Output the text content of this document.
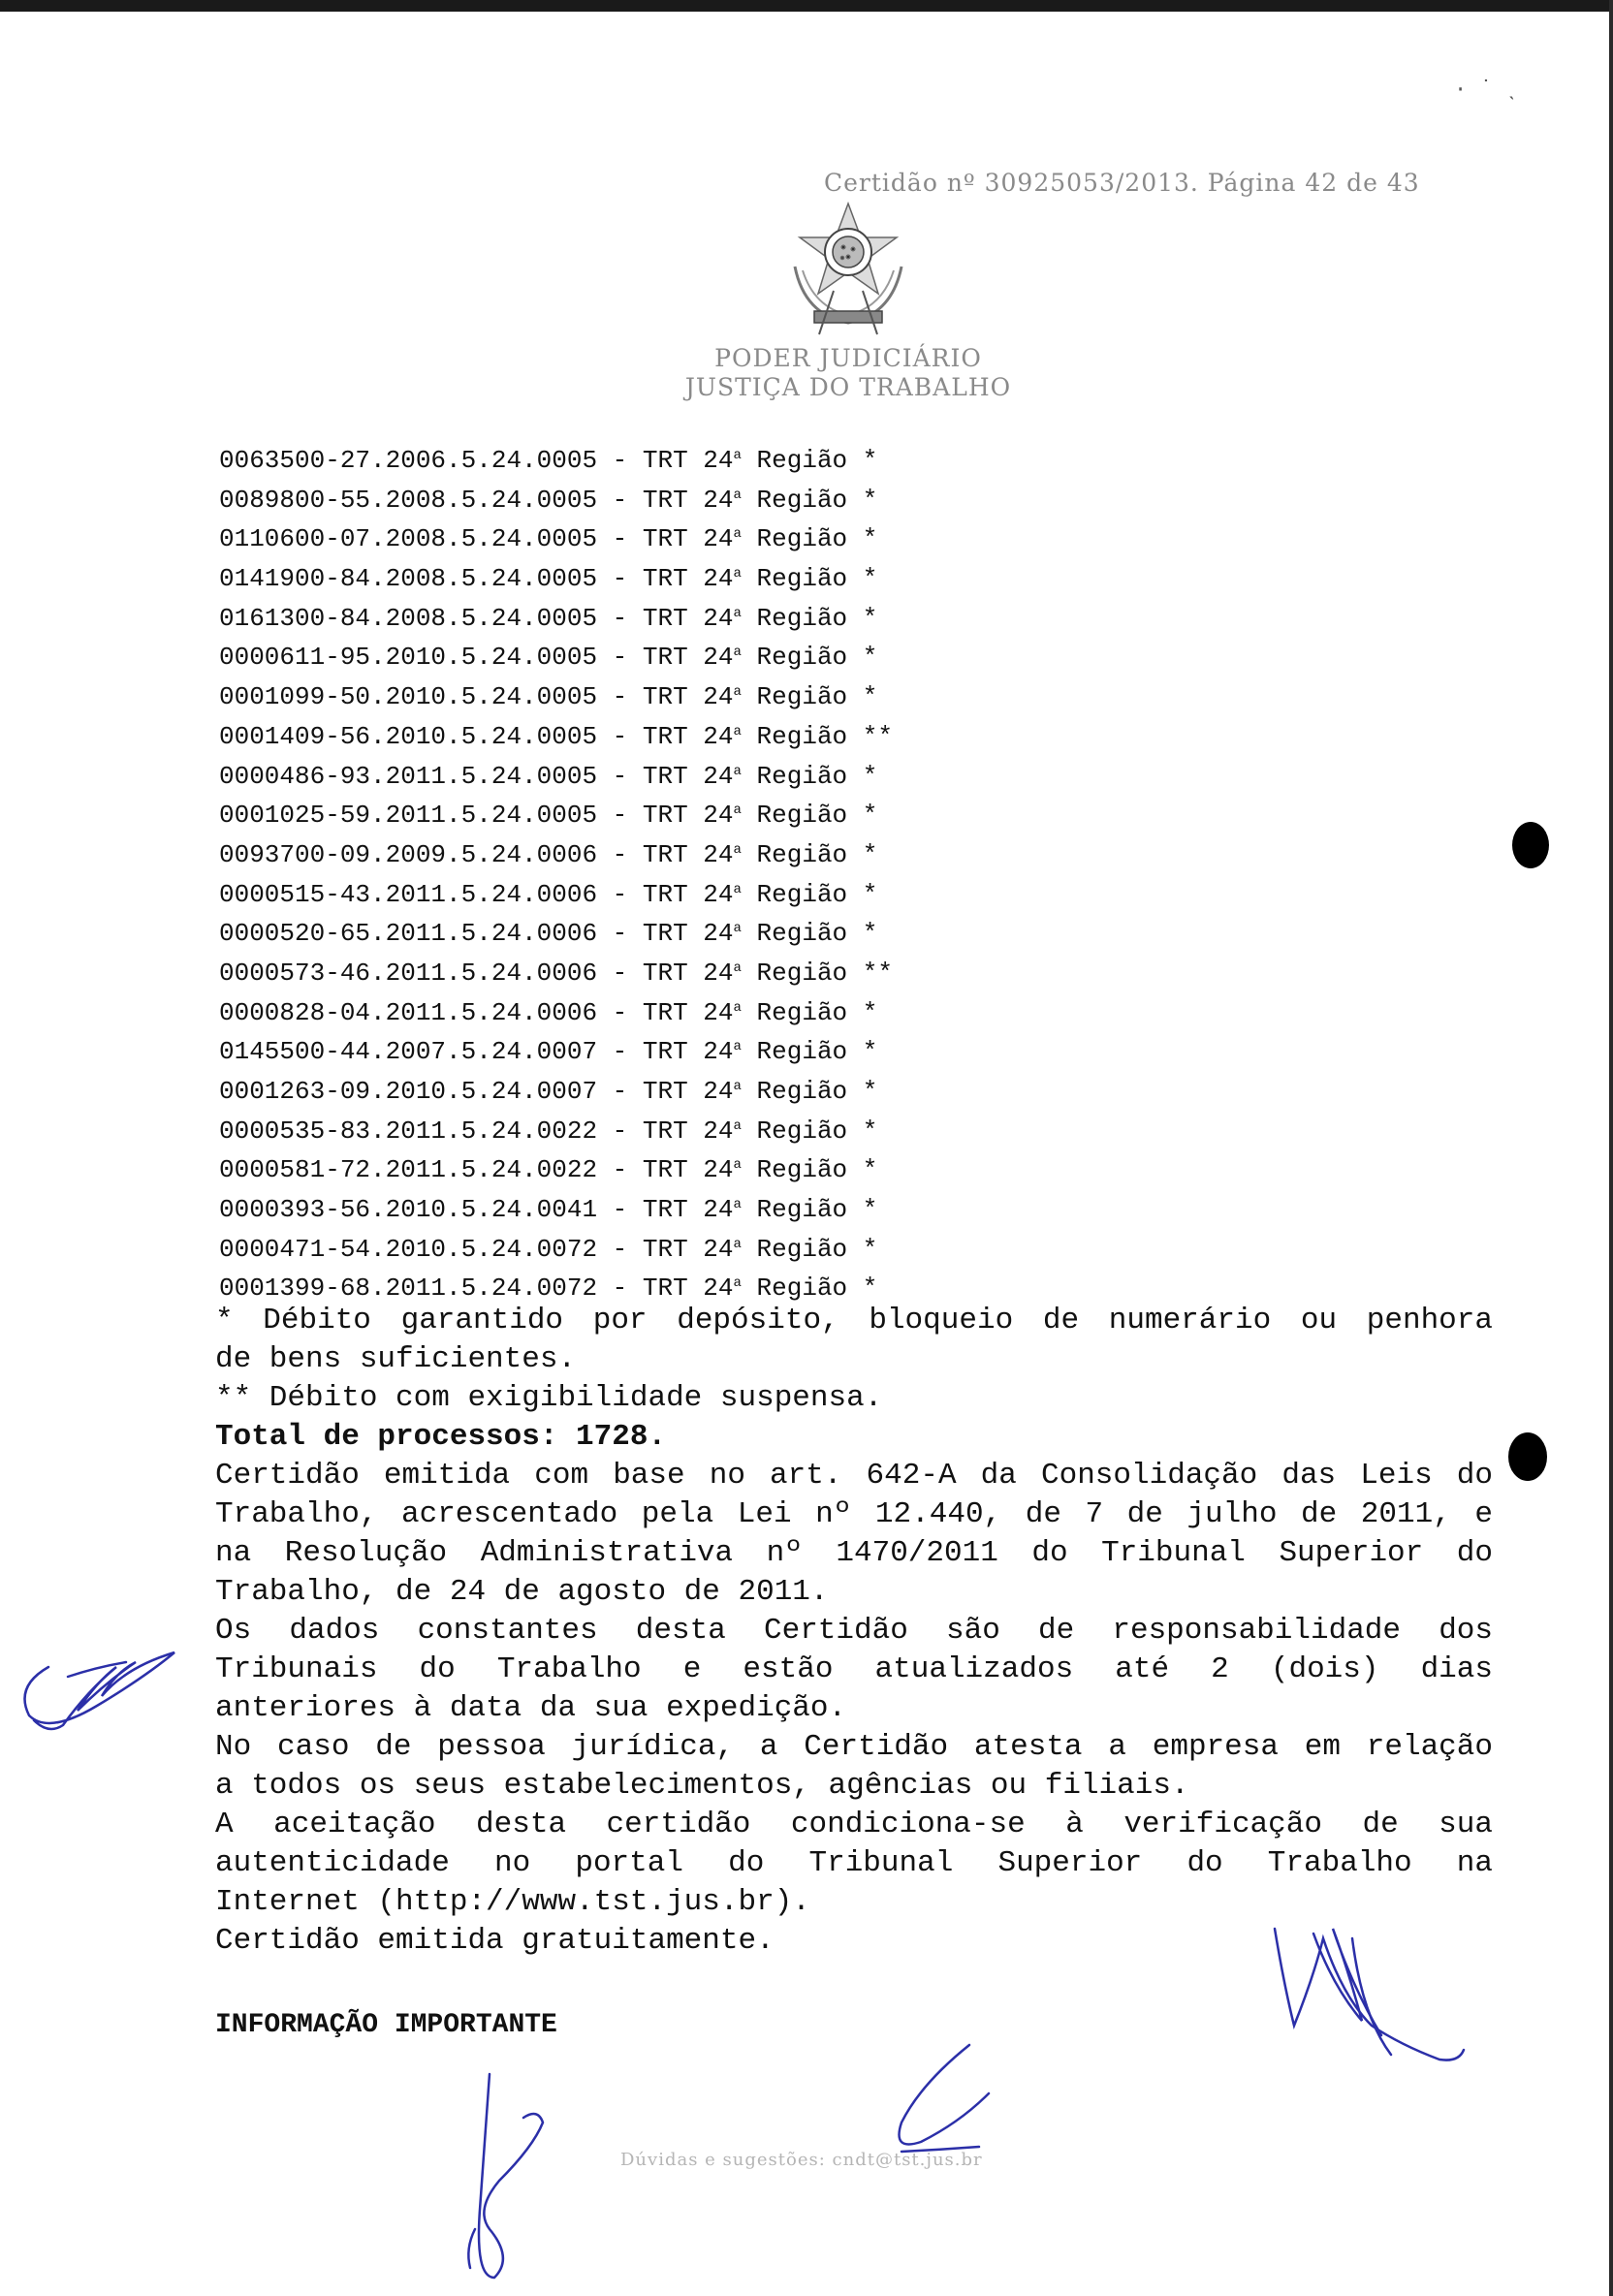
· ˙ ˎ
Certidão nº 30925053/2013. Página 42 de 43
PODER JUDICIÁRIO
JUSTIÇA DO TRABALHO
0063500-27.2006.5.24.0005 - TRT 24$^a$ Região *
0089800-55.2008.5.24.0005 - TRT 24$^a$ Região *
0110600-07.2008.5.24.0005 - TRT 24$^a$ Região *
0141900-84.2008.5.24.0005 - TRT 24$^a$ Região *
0161300-84.2008.5.24.0005 - TRT 24$^a$ Região *
0000611-95.2010.5.24.0005 - TRT 24$^a$ Região *
0001099-50.2010.5.24.0005 - TRT 24$^a$ Região *
0001409-56.2010.5.24.0005 - TRT 24$^a$ Região **
0000486-93.2011.5.24.0005 - TRT 24$^a$ Região *
0001025-59.2011.5.24.0005 - TRT 24$^a$ Região *
0093700-09.2009.5.24.0006 - TRT 24$^a$ Região *
0000515-43.2011.5.24.0006 - TRT 24$^a$ Região *
0000520-65.2011.5.24.0006 - TRT 24$^a$ Região *
0000573-46.2011.5.24.0006 - TRT 24$^a$ Região **
0000828-04.2011.5.24.0006 - TRT 24$^a$ Região *
0145500-44.2007.5.24.0007 - TRT 24$^a$ Região *
0001263-09.2010.5.24.0007 - TRT 24$^a$ Região *
0000535-83.2011.5.24.0022 - TRT 24$^a$ Região *
0000581-72.2011.5.24.0022 - TRT 24$^a$ Região *
0000393-56.2010.5.24.0041 - TRT 24$^a$ Região *
0000471-54.2010.5.24.0072 - TRT 24$^a$ Região *
0001399-68.2011.5.24.0072 - TRT 24$^a$ Região *
* Débito garantido por depósito, bloqueio de numerário ou penhora
de bens suficientes.
** Débito com exigibilidade suspensa.
Total de processos: 1728.
Certidão emitida com base no art. 642-A da Consolidação das Leis do
Trabalho, acrescentado pela Lei nº 12.440, de 7 de julho de 2011, e
na Resolução Administrativa nº 1470/2011 do Tribunal Superior do
Trabalho, de 24 de agosto de 2011.
Os dados constantes desta Certidão são de responsabilidade dos
Tribunais do Trabalho e estão atualizados até 2 (dois) dias
anteriores à data da sua expedição.
No caso de pessoa jurídica, a Certidão atesta a empresa em relação
a todos os seus estabelecimentos, agências ou filiais.
A aceitação desta certidão condiciona-se à verificação de sua
autenticidade no portal do Tribunal Superior do Trabalho na
Internet (http://www.tst.jus.br).
Certidão emitida gratuitamente.
INFORMAÇÃO IMPORTANTE
Dúvidas e sugestões: cndt@tst.jus.br
